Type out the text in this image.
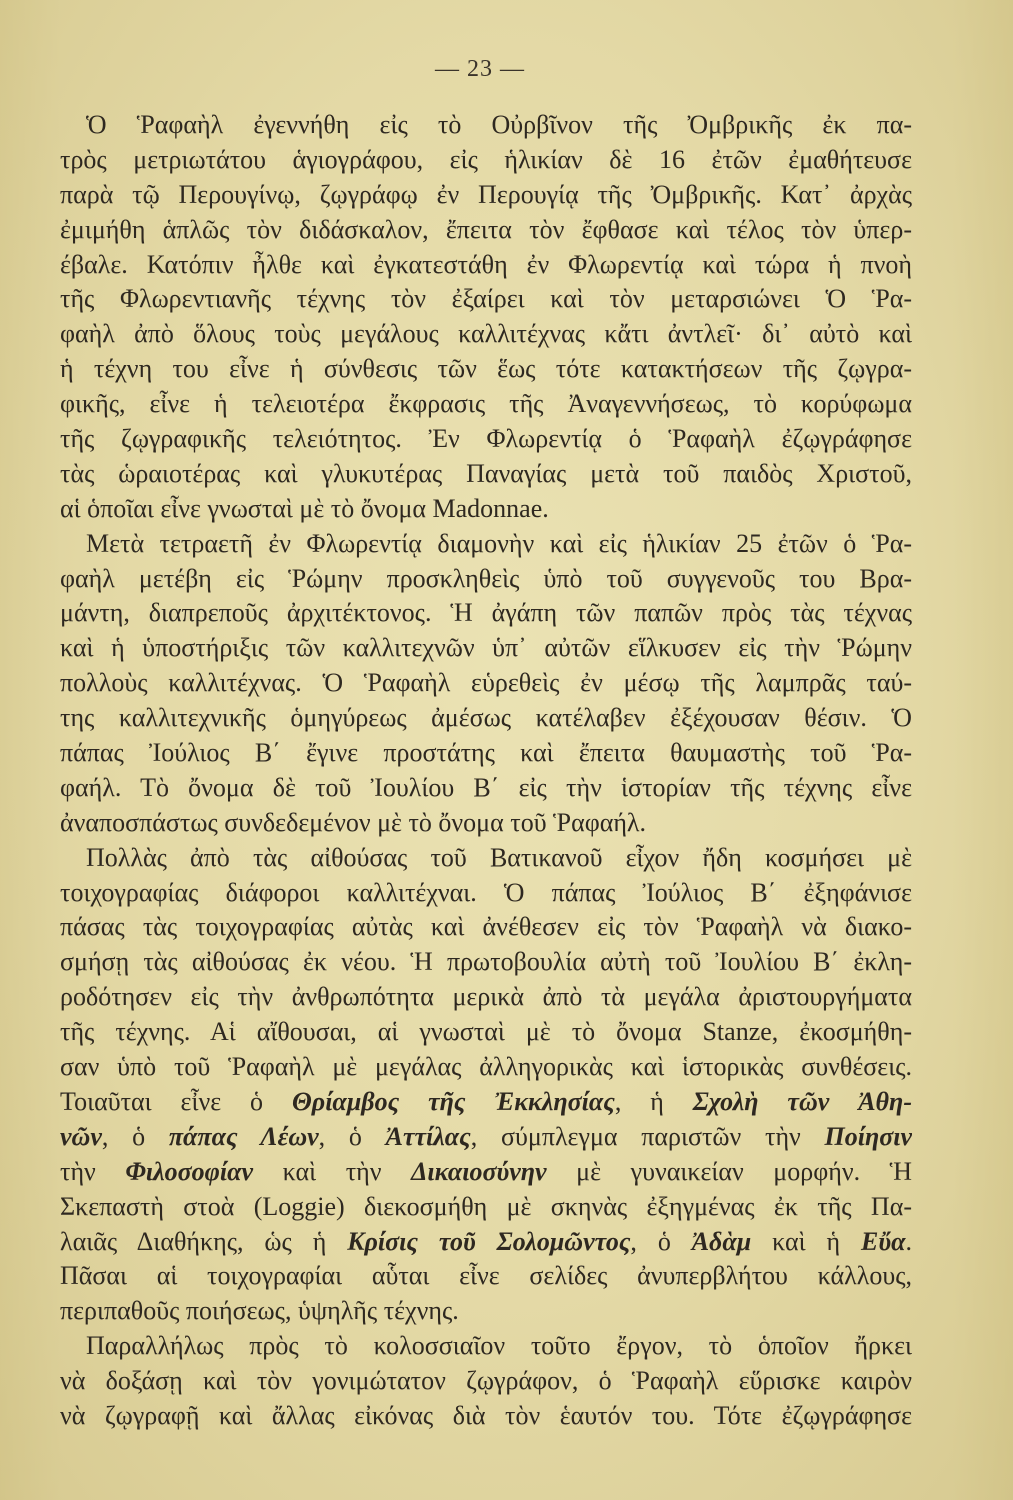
— 23 —
Ὁ Ῥαφαὴλ ἐγεννήθη εἰς τὸ Οὐρβῖνον τῆς Ὀμβρικῆς ἐκ πα-
τρὸς μετριωτάτου ἁγιογράφου, εἰς ἡλικίαν δὲ 16 ἐτῶν ἐμαθήτευσε
παρὰ τῷ Περουγίνῳ, ζῳγράφῳ ἐν Περουγίᾳ τῆς Ὀμβρικῆς. Κατ᾿ ἀρχὰς
ἐμιμήθη ἁπλῶς τὸν διδάσκαλον, ἔπειτα τὸν ἔφθασε καὶ τέλος τὸν ὑπερ-
έβαλε. Κατόπιν ἦλθε καὶ ἐγκατεστάθη ἐν Φλωρεντίᾳ καὶ τώρα ἡ πνοὴ
τῆς Φλωρεντιανῆς τέχνης τὸν ἐξαίρει καὶ τὸν μεταρσιώνει Ὁ Ῥα-
φαὴλ ἀπὸ ὅλους τοὺς μεγάλους καλλιτέχνας κἄτι ἀντλεῖ· δι᾿ αὐτὸ καὶ
ἡ τέχνη του εἶνε ἡ σύνθεσις τῶν ἕως τότε κατακτήσεων τῆς ζῳγρα-
φικῆς, εἶνε ἡ τελειοτέρα ἔκφρασις τῆς Ἀναγεννήσεως, τὸ κορύφωμα
τῆς ζῳγραφικῆς τελειότητος. Ἐν Φλωρεντίᾳ ὁ Ῥαφαὴλ ἐζῳγράφησε
τὰς ὡραιοτέρας καὶ γλυκυτέρας Παναγίας μετὰ τοῦ παιδὸς Χριστοῦ,
αἱ ὁποῖαι εἶνε γνωσταὶ μὲ τὸ ὄνομα Madonnae.
Μετὰ τετραετῆ ἐν Φλωρεντίᾳ διαμονὴν καὶ εἰς ἡλικίαν 25 ἐτῶν ὁ Ῥα-
φαὴλ μετέβη εἰς Ῥώμην προσκληθεὶς ὑπὸ τοῦ συγγενοῦς του Βρα-
μάντη, διαπρεποῦς ἀρχιτέκτονος. Ἡ ἀγάπη τῶν παπῶν πρὸς τὰς τέχνας
καὶ ἡ ὑποστήριξις τῶν καλλιτεχνῶν ὑπ᾿ αὐτῶν εἵλκυσεν εἰς τὴν Ῥώμην
πολλοὺς καλλιτέχνας. Ὁ Ῥαφαὴλ εὑρεθεὶς ἐν μέσῳ τῆς λαμπρᾶς ταύ-
της καλλιτεχνικῆς ὁμηγύρεως ἀμέσως κατέλαβεν ἐξέχουσαν θέσιν. Ὁ
πάπας Ἰούλιος Β΄ ἔγινε προστάτης καὶ ἔπειτα θαυμαστὴς τοῦ Ῥα-
φαήλ. Τὸ ὄνομα δὲ τοῦ Ἰουλίου Β΄ εἰς τὴν ἱστορίαν τῆς τέχνης εἶνε
ἀναποσπάστως συνδεδεμένον μὲ τὸ ὄνομα τοῦ Ῥαφαήλ.
Πολλὰς ἀπὸ τὰς αἰθούσας τοῦ Βατικανοῦ εἶχον ἤδη κοσμήσει μὲ
τοιχογραφίας διάφοροι καλλιτέχναι. Ὁ πάπας Ἰούλιος Β΄ ἐξηφάνισε
πάσας τὰς τοιχογραφίας αὐτὰς καὶ ἀνέθεσεν εἰς τὸν Ῥαφαὴλ νὰ διακο-
σμήσῃ τὰς αἰθούσας ἐκ νέου. Ἡ πρωτοβουλία αὐτὴ τοῦ Ἰουλίου Β΄ ἐκλη-
ροδότησεν εἰς τὴν ἀνθρωπότητα μερικὰ ἀπὸ τὰ μεγάλα ἀριστουργήματα
τῆς τέχνης. Αἱ αἴθουσαι, αἱ γνωσταὶ μὲ τὸ ὄνομα Stanze, ἐκοσμήθη-
σαν ὑπὸ τοῦ Ῥαφαὴλ μὲ μεγάλας ἀλληγορικὰς καὶ ἱστορικὰς συνθέσεις.
Τοιαῦται εἶνε ὁ Θρίαμβος τῆς Ἐκκλησίας, ἡ Σχολὴ τῶν Ἀθη-
νῶν, ὁ πάπας Λέων, ὁ Ἀττίλας, σύμπλεγμα παριστῶν τὴν Ποίησιν
τὴν Φιλοσοφίαν καὶ τὴν Δικαιοσύνην μὲ γυναικείαν μορφήν. Ἡ
Σκεπαστὴ στοὰ (Loggie) διεκοσμήθη μὲ σκηνὰς ἐξηγμένας ἐκ τῆς Πα-
λαιᾶς Διαθήκης, ὡς ἡ Κρίσις τοῦ Σολομῶντος, ὁ Ἀδὰμ καὶ ἡ Εὔα.
Πᾶσαι αἱ τοιχογραφίαι αὗται εἶνε σελίδες ἀνυπερβλήτου κάλλους,
περιπαθοῦς ποιήσεως, ὑψηλῆς τέχνης.
Παραλλήλως πρὸς τὸ κολοσσιαῖον τοῦτο ἔργον, τὸ ὁποῖον ἤρκει
νὰ δοξάσῃ καὶ τὸν γονιμώτατον ζῳγράφον, ὁ Ῥαφαὴλ εὕρισκε καιρὸν
νὰ ζῳγραφῇ καὶ ἄλλας εἰκόνας διὰ τὸν ἑαυτόν του. Τότε ἐζῳγράφησε
